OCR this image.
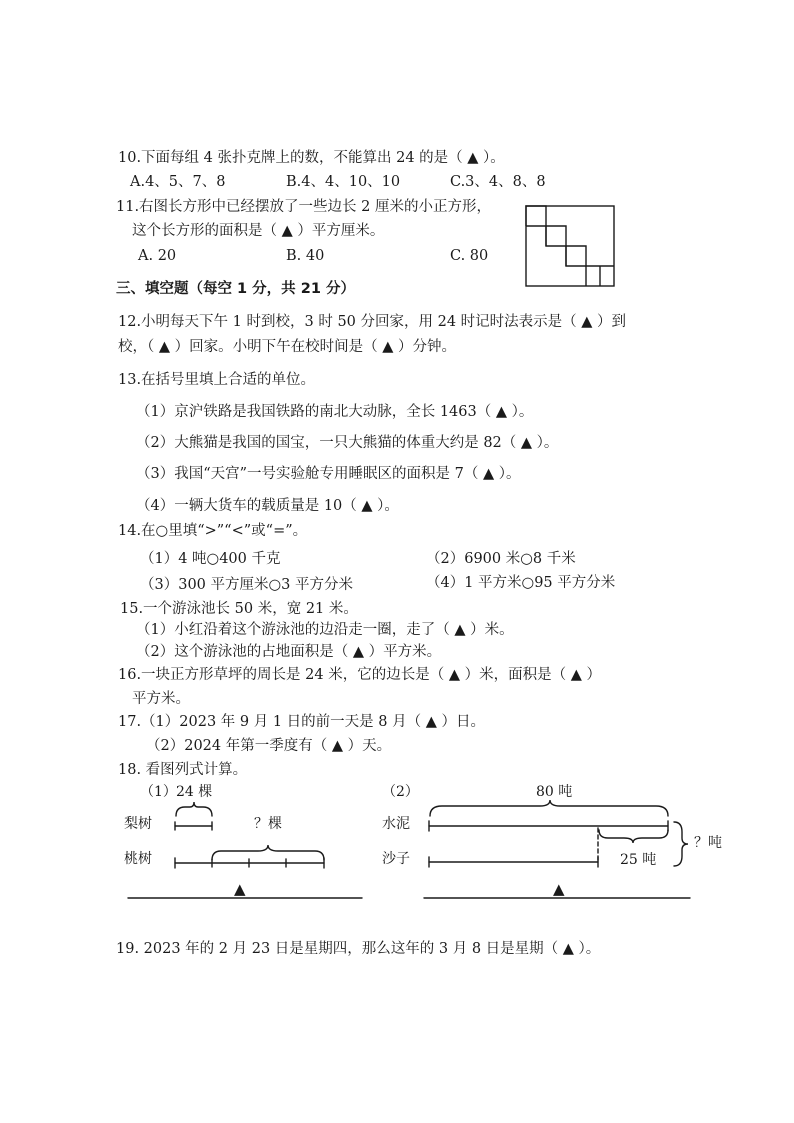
10.下面每组 4 张扑克牌上的数，不能算出 24 的是（ ▲ ）。
A.4、5、7、8	B.4、4、10、10	C.3、4、8、8
11.右图长方形中已经摆放了一些边长 2 厘米的小正方形，
这个长方形的面积是（ ▲ ）平方厘米。
A. 20	B. 40	C. 80
三、填空题（每空 1 分，共 21 分）
12.小明每天下午 1 时到校，3 时 50 分回家，用 24 时记时法表示是（ ▲ ）到
校，（ ▲ ）回家。小明下午在校时间是（ ▲ ）分钟。
13.在括号里填上合适的单位。
（1）京沪铁路是我国铁路的南北大动脉，全长 1463（ ▲ ）。
（2）大熊猫是我国的国宝，一只大熊猫的体重大约是 82（ ▲ ）。
（3）我国“天宫”一号实验舱专用睡眠区的面积是 7（ ▲ ）。
（4）一辆大货车的载质量是 10（ ▲ ）。
14.在○里填“>”“<”或“=”。
（1）4 吨○400 千克	（2）6900 米○8 千米
（3）300 平方厘米○3 平方分米	（4）1 平方米○95 平方分米
15.一个游泳池长 50 米，宽 21 米。
（1）小红沿着这个游泳池的边沿走一圈，走了（ ▲ ）米。
（2）这个游泳池的占地面积是（ ▲ ）平方米。
16.一块正方形草坪的周长是 24 米，它的边长是（ ▲ ）米，面积是（ ▲ ）
平方米。
17.（1）2023 年 9 月 1 日的前一天是 8 月（ ▲ ）日。
（2）2024 年第一季度有（ ▲ ）天。
18. 看图列式计算。
（1） 24 棵
梨树	？棵
桃树
▲
（2）	80 吨
水泥
沙子	25 吨
？吨
▲
19. 2023 年的 2 月 23 日是星期四，那么这年的 3 月 8 日是星期（ ▲ ）。
